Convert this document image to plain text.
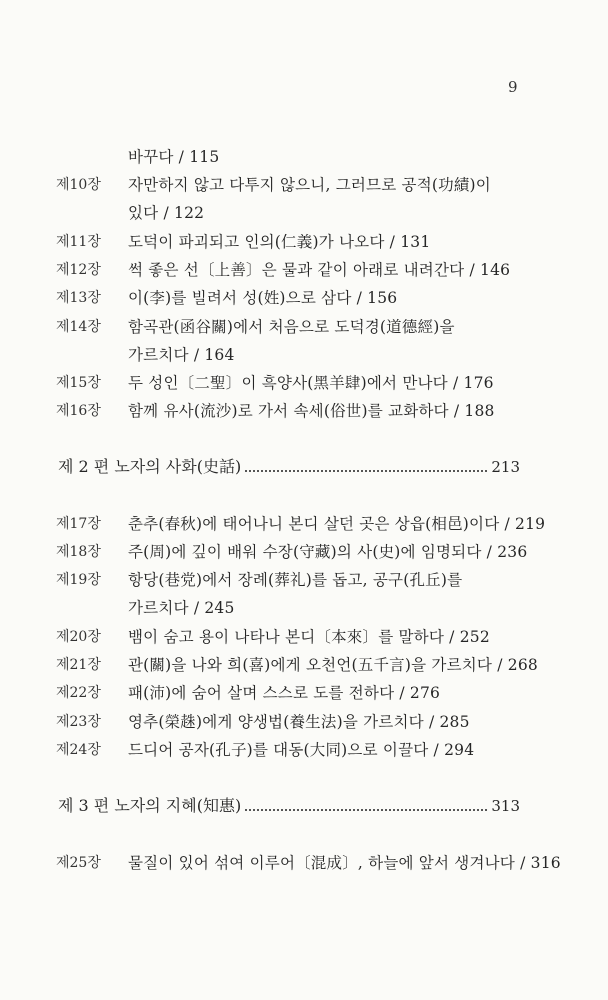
9
바꾸다 / 115
제10장 자만하지 않고 다투지 않으니, 그러므로 공적(功績)이
있다 / 122
제11장 도덕이 파괴되고 인의(仁義)가 나오다 / 131
제12장 썩 좋은 선〔上善〕은 물과 같이 아래로 내려간다 / 146
제13장 이(李)를 빌려서 성(姓)으로 삼다 / 156
제14장 함곡관(函谷關)에서 처음으로 도덕경(道德經)을
가르치다 / 164
제15장 두 성인〔二聖〕이 흑양사(黑羊肆)에서 만나다 / 176
제16장 함께 유사(流沙)로 가서 속세(俗世)를 교화하다 / 188
제 2 편 노자의 사화(史話)	213
제17장 춘추(春秋)에 태어나니 본디 살던 곳은 상읍(相邑)이다 / 219
제18장 주(周)에 깊이 배워 수장(守藏)의 사(史)에 임명되다 / 236
제19장 항당(巷党)에서 장례(葬礼)를 돕고, 공구(孔丘)를
가르치다 / 245
제20장 뱀이 숨고 용이 나타나 본디〔本來〕를 말하다 / 252
제21장 관(關)을 나와 희(喜)에게 오천언(五千言)을 가르치다 / 268
제22장 패(沛)에 숨어 살며 스스로 도를 전하다 / 276
제23장 영추(榮趎)에게 양생법(養生法)을 가르치다 / 285
제24장 드디어 공자(孔子)를 대동(大同)으로 이끌다 / 294
제 3 편 노자의 지혜(知惠)	313
제25장 물질이 있어 섞여 이루어〔混成〕, 하늘에 앞서 생겨나다 / 316
